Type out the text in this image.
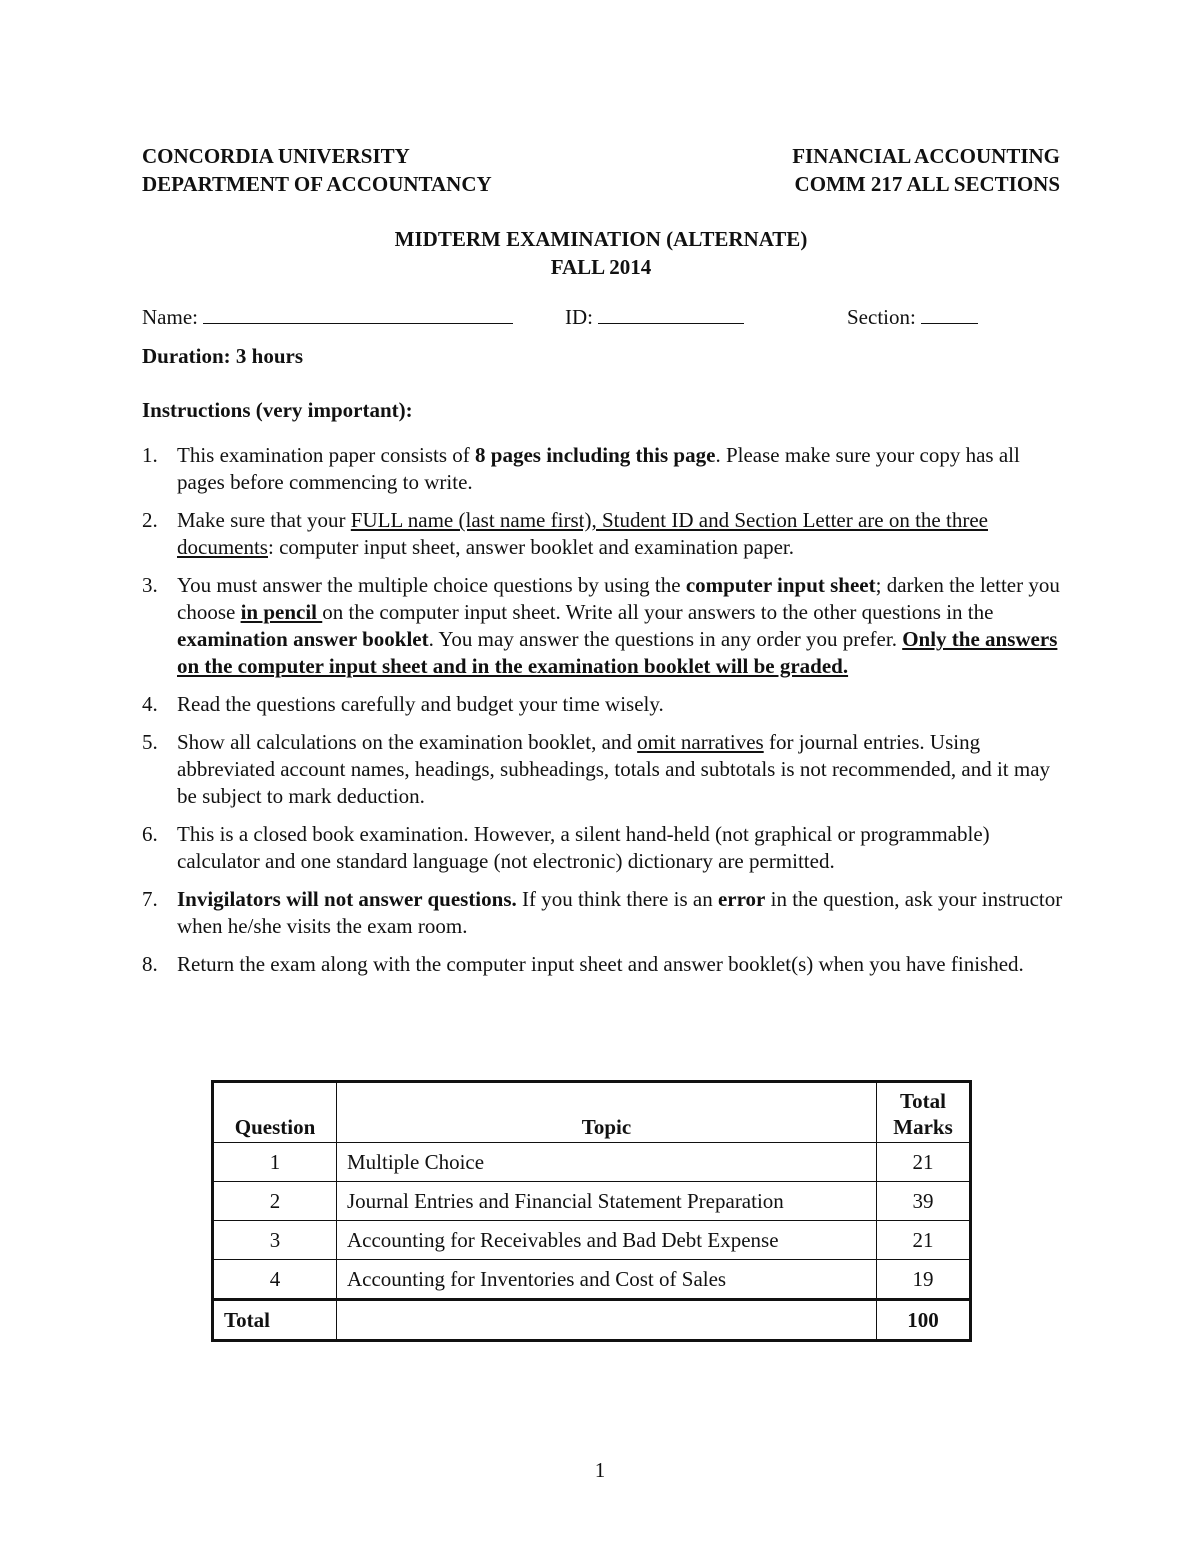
CONCORDIA UNIVERSITY
DEPARTMENT OF ACCOUNTANCY
FINANCIAL ACCOUNTING
COMM 217 ALL SECTIONS
MIDTERM EXAMINATION (ALTERNATE)
FALL 2014
Name:	ID:	Section:
Duration: 3 hours
Instructions (very important):
1. This examination paper consists of 8 pages including this page. Please make sure your copy has all pages before commencing to write.
2. Make sure that your FULL name (last name first), Student ID and Section Letter are on the three documents: computer input sheet, answer booklet and examination paper.
3. You must answer the multiple choice questions by using the computer input sheet; darken the letter you choose in pencil on the computer input sheet. Write all your answers to the other questions in the examination answer booklet. You may answer the questions in any order you prefer. Only the answers on the computer input sheet and in the examination booklet will be graded.
4. Read the questions carefully and budget your time wisely.
5. Show all calculations on the examination booklet, and omit narratives for journal entries. Using abbreviated account names, headings, subheadings, totals and subtotals is not recommended, and it may be subject to mark deduction.
6. This is a closed book examination. However, a silent hand-held (not graphical or programmable) calculator and one standard language (not electronic) dictionary are permitted.
7. Invigilators will not answer questions. If you think there is an error in the question, ask your instructor when he/she visits the exam room.
8. Return the exam along with the computer input sheet and answer booklet(s) when you have finished.
Question	Topic	Total
Marks

1	Multiple Choice	21
2	Journal Entries and Financial Statement Preparation	39
3	Accounting for Receivables and Bad Debt Expense	21
4	Accounting for Inventories and Cost of Sales	19
Total		100
1
